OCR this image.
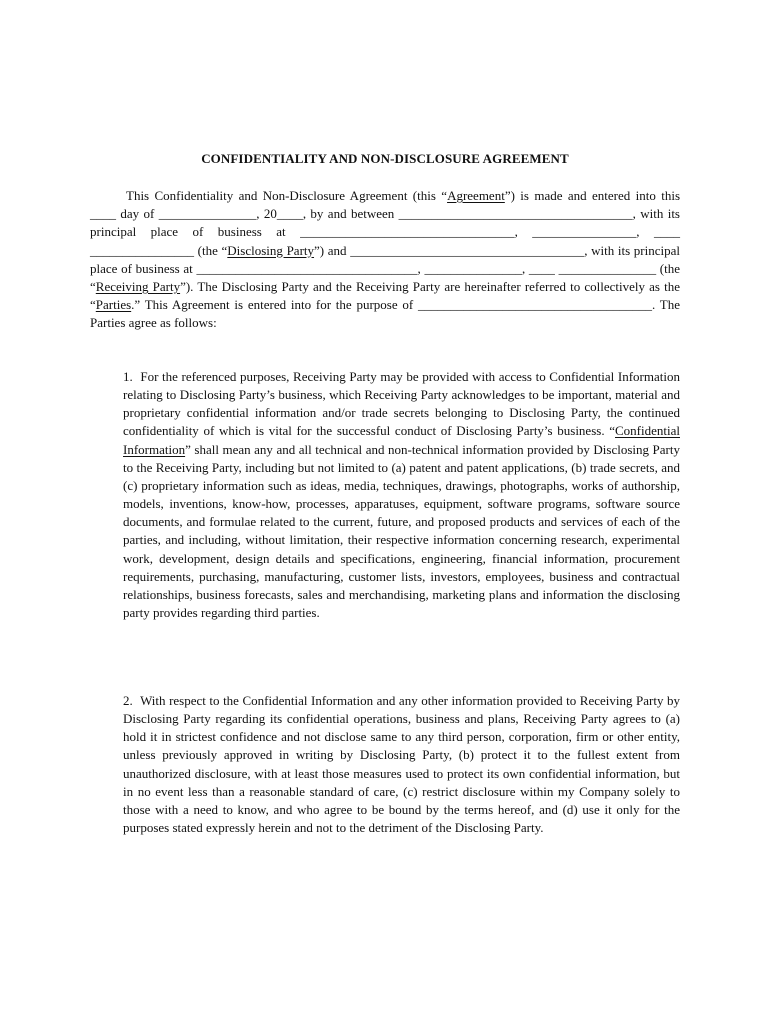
CONFIDENTIALITY AND NON-DISCLOSURE AGREEMENT
This Confidentiality and Non-Disclosure Agreement (this “Agreement”) is made and entered into this ____ day of _______________, 20____, by and between ____________________________________, with its principal place of business at _________________________________, ________________, ____ ________________ (the “Disclosing Party”) and ____________________________________, with its principal place of business at __________________________________, _______________, ____ _______________ (the “Receiving Party”). The Disclosing Party and the Receiving Party are hereinafter referred to collectively as the “Parties.” This Agreement is entered into for the purpose of ____________________________________. The Parties agree as follows:
1. For the referenced purposes, Receiving Party may be provided with access to Confidential Information relating to Disclosing Party’s business, which Receiving Party acknowledges to be important, material and proprietary confidential information and/or trade secrets belonging to Disclosing Party, the continued confidentiality of which is vital for the successful conduct of Disclosing Party’s business. “Confidential Information” shall mean any and all technical and non-technical information provided by Disclosing Party to the Receiving Party, including but not limited to (a) patent and patent applications, (b) trade secrets, and (c) proprietary information such as ideas, media, techniques, drawings, photographs, works of authorship, models, inventions, know-how, processes, apparatuses, equipment, software programs, software source documents, and formulae related to the current, future, and proposed products and services of each of the parties, and including, without limitation, their respective information concerning research, experimental work, development, design details and specifications, engineering, financial information, procurement requirements, purchasing, manufacturing, customer lists, investors, employees, business and contractual relationships, business forecasts, sales and merchandising, marketing plans and information the disclosing party provides regarding third parties.
2. With respect to the Confidential Information and any other information provided to Receiving Party by Disclosing Party regarding its confidential operations, business and plans, Receiving Party agrees to (a) hold it in strictest confidence and not disclose same to any third person, corporation, firm or other entity, unless previously approved in writing by Disclosing Party, (b) protect it to the fullest extent from unauthorized disclosure, with at least those measures used to protect its own confidential information, but in no event less than a reasonable standard of care, (c) restrict disclosure within my Company solely to those with a need to know, and who agree to be bound by the terms hereof, and (d) use it only for the purposes stated expressly herein and not to the detriment of the Disclosing Party.
